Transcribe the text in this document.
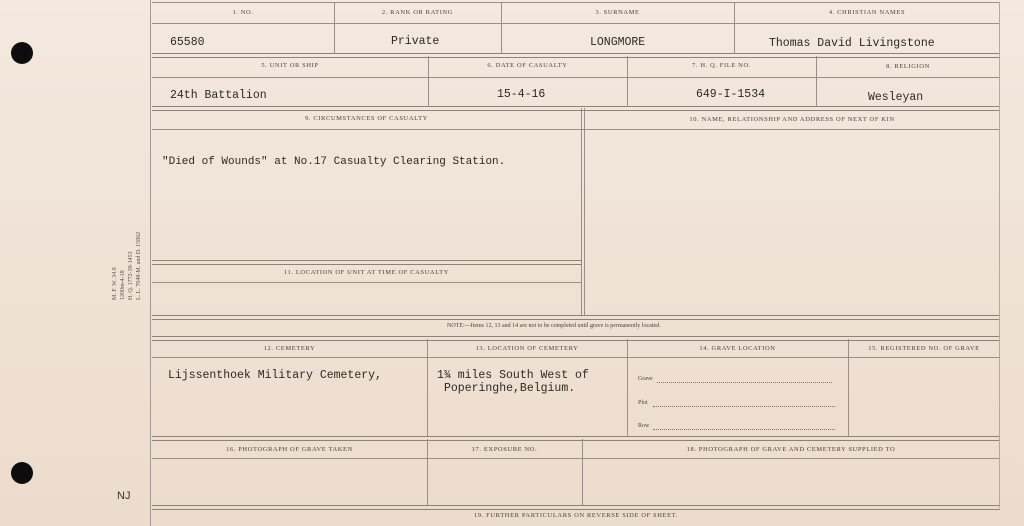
M. F. W. 34.8 1200m-4-18 H. Q. 1772-39-1453 L. L. 7048-M. and D. 15862
NJ
1. NO.	2. RANK OR RATING	3. SURNAME	4. CHRISTIAN NAMES
65580	Private	LONGMORE	Thomas David Livingstone
5. UNIT OR SHIP	6. DATE OF CASUALTY	7. H. Q. FILE NO.	8. RELIGION
24th Battalion	15-4-16	649-I-1534	Wesleyan
9. CIRCUMSTANCES OF CASUALTY	10. NAME, RELATIONSHIP AND ADDRESS OF NEXT OF KIN
"Died of Wounds" at No.17 Casualty Clearing Station.
11. LOCATION OF UNIT AT TIME OF CASUALTY
NOTE:—Items 12, 13 and 14 are not to be completed until grave is permanently located.
12. CEMETERY	13. LOCATION OF CEMETERY	14. GRAVE LOCATION	15. REGISTERED NO. OF GRAVE
Lijssenthoek Military Cemetery,	1¾ miles South West of
Poperinghe,Belgium.
Grave
Plot
Row
16. PHOTOGRAPH OF GRAVE TAKEN	17. EXPOSURE NO.	18. PHOTOGRAPH OF GRAVE AND CEMETERY SUPPLIED TO
19. FURTHER PARTICULARS ON REVERSE SIDE OF SHEET.
